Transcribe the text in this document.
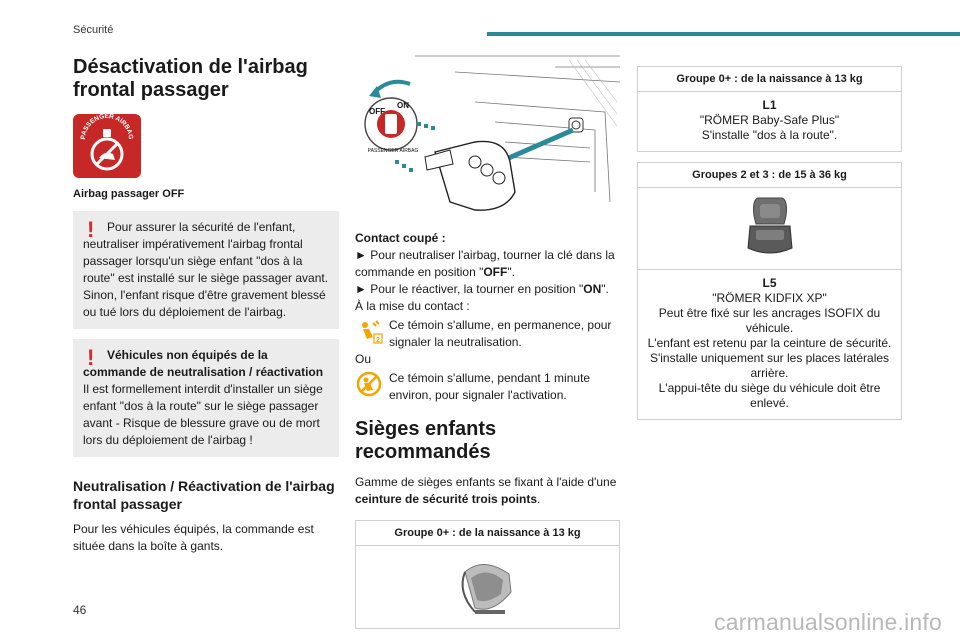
Sécurité
Désactivation de l'airbag frontal passager
PASSENGER AIRBAG
Airbag passager OFF
!	Pour assurer la sécurité de l'enfant, neutraliser impérativement l'airbag frontal passager lorsqu'un siège enfant "dos à la route" est installé sur le siège passager avant. Sinon, l'enfant risque d'être gravement blessé ou tué lors du déploiement de l'airbag.
!	Véhicules non équipés de la commande de neutralisation / réactivation
Il est formellement interdit d'installer un siège enfant "dos à la route" sur le siège passager avant - Risque de blessure grave ou de mort lors du déploiement de l'airbag !
Neutralisation / Réactivation de l'airbag frontal passager
Pour les véhicules équipés, la commande est située dans la boîte à gants.
OFF
ON
PASSENGER AIRBAG
Contact coupé :
► Pour neutraliser l'airbag, tourner la clé dans la commande en position "OFF".
► Pour le réactiver, la tourner en position "ON".
À la mise du contact :
2
Ce témoin s'allume, en permanence, pour signaler la neutralisation.
Ou
Ce témoin s'allume, pendant 1 minute environ, pour signaler l'activation.
Sièges enfants recommandés
Gamme de sièges enfants se fixant à l'aide d'une ceinture de sécurité trois points.
Groupe 0+ : de la naissance à 13 kg
Groupe 0+ : de la naissance à 13 kg
L1
"RÖMER Baby-Safe Plus"
S'installe "dos à la route".
Groupes 2 et 3 : de 15 à 36 kg
L5
"RÖMER KIDFIX XP"
Peut être fixé sur les ancrages ISOFIX du véhicule.
L'enfant est retenu par la ceinture de sécurité.
S'installe uniquement sur les places latérales arrière.
L'appui-tête du siège du véhicule doit être enlevé.
46	carmanualsonline.info
